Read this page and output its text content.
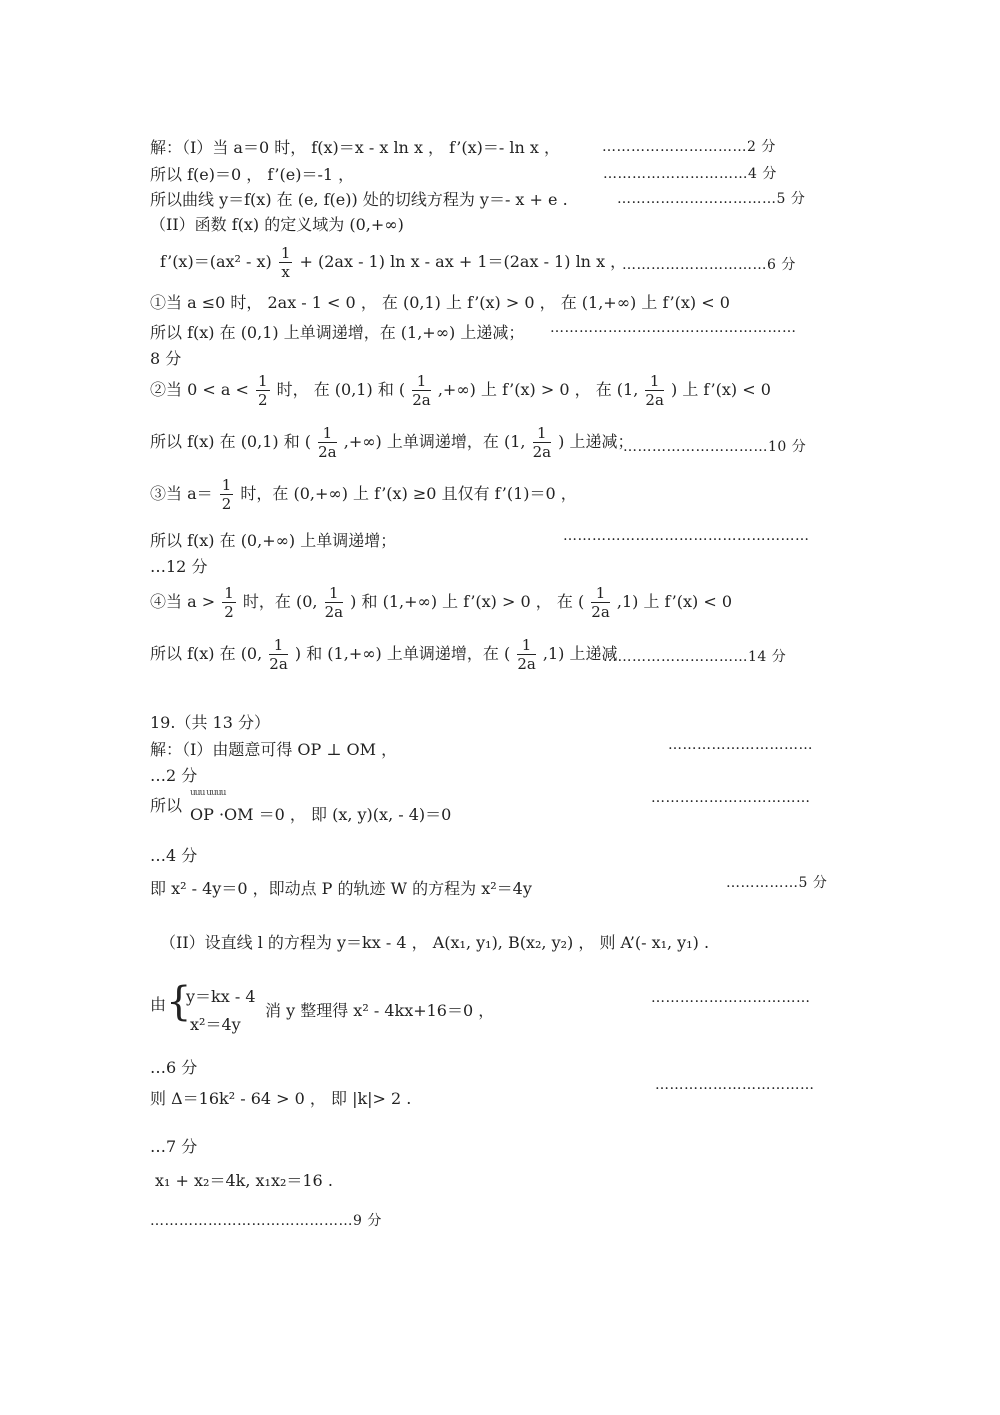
解：（I）当 a＝0 时， f(x)＝x - x ln x ， f’(x)＝- ln x ，	…………………………2 分
所以 f(e)＝0 ， f’(e)＝-1 ，	…………………………4 分
所以曲线 y＝f(x) 在 (e, f(e)) 处的切线方程为 y＝- x + e .	……………………………5 分
（II）函数 f(x) 的定义域为 (0,+∞)
f’(x)＝(ax² - $x) \frac{1}{x} + (2ax - 1)$ ln x - ax + 1＝(2ax - 1) ln x ，
…………………………6 分
①当 a ≤0 时， 2ax - 1 < 0 ， 在 (0,1) 上 f’(x) > 0 ， 在 (1,+∞) 上 f’(x) < 0
所以 f(x) 在 (0,1) 上单调递增，在 (1,+∞) 上递减； ……………………………………………
8 分
②当 $0 < a < \frac{1}{2}$ 时， 在 (0,1) 和 ( $\frac{1}{2a}$ ,+∞) 上 f’(x) > 0 ， 在 (1, $\frac{1}{2a}$ ) 上 f’(x) < 0
所以 f(x) 在 (0,1) 和 ( $\frac{1}{2a}$ ,+∞) 上单调递增，在 (1, $\frac{1}{2a}$ ) 上递减；
…………………………10 分
③当 $a= \frac{1}{2}$ 时，在 (0,+∞) 上 f’(x) ≥0 且仅有 f’(1)＝0 ，
所以 f(x) 在 (0,+∞) 上单调递增；	……………………………………………
…12 分
④当 $a > \frac{1}{2}$ 时，在 (0, $\frac{1}{2a}$ ) 和 (1,+∞) 上 f’(x) > 0 ， 在 ( $\frac{1}{2a} ,1$) 上 f’(x) < 0
所以 f(x) 在 (0, $\frac{1}{2a}$ ) 和 (1,+∞) 上单调递增，在 ( $\frac{1}{2a} ,1$) 上递减
…………………………14 分
19.（共 13 分）
解：（I）由题意可得 OP ⊥ OM ，	…………………………
…2 分
所以
uuu uuuu
OP ·OM ＝0 ， 即 (x, y)(x, - 4)＝0
……………………………
…4 分
即 x² - 4y＝0 ，即动点 P 的轨迹 W 的方程为 x²＝4y	……………5 分
（II）设直线 l 的方程为 y＝kx - 4 ， A(x₁, y₁), B(x₂, y₂) ， 则 A’(- x₁, y₁) .
由 {
y＝kx - 4
x²＝4y
消 y 整理得 x² - 4kx+16＝0 ，
……………………………
…6 分
则 Δ＝16k² - 64 > 0 ， 即 |k|> 2 .
……………………………
…7 分
x₁ + x₂＝4k, x₁x₂＝16 .
……………………………………9 分
